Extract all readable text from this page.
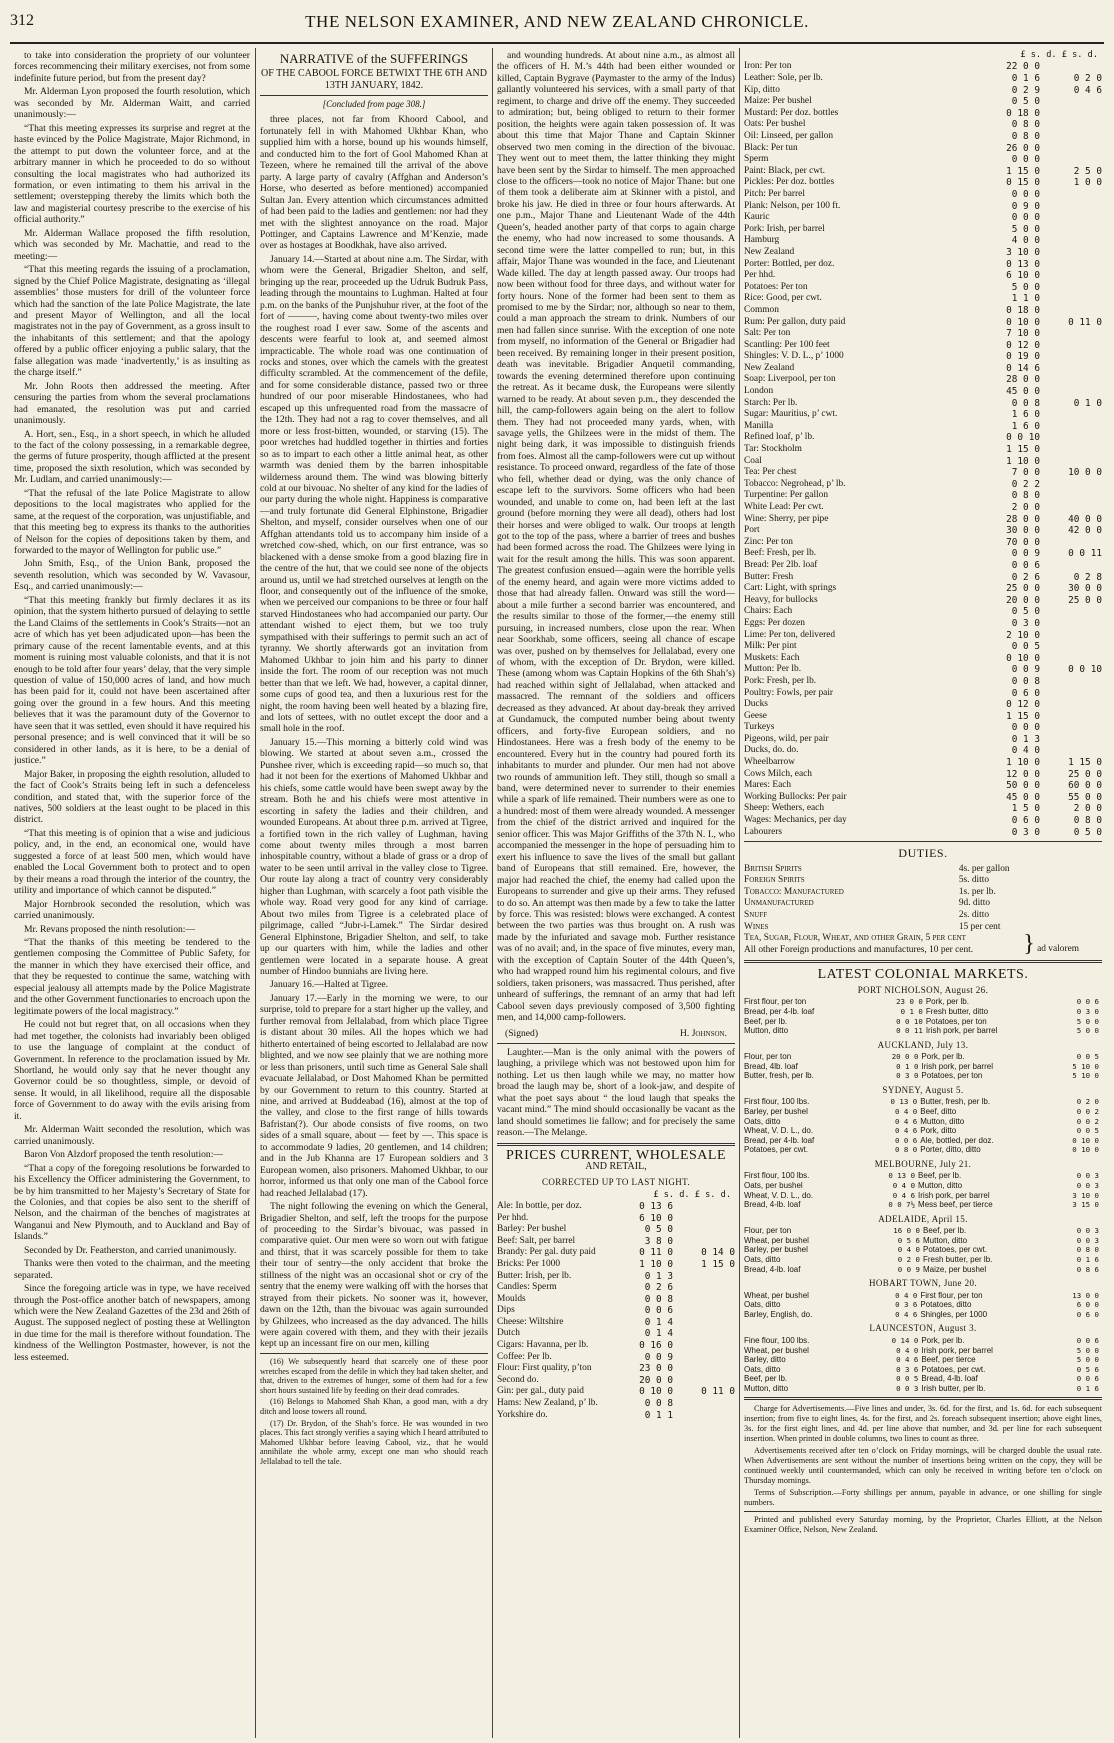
312	THE NELSON EXAMINER, AND NEW ZEALAND CHRONICLE.

to take into consideration the propriety of our volunteer forces recommencing their military exercises, not from some indefinite future period, but from the present day?

Mr. Alderman Lyon proposed the fourth resolution, which was seconded by Mr. Alderman Waitt, and carried unanimously:—

“That this meeting expresses its surprise and regret at the haste evinced by the Police Magistrate, Major Richmond, in the attempt to put down the volunteer force, and at the arbitrary manner in which he proceeded to do so without consulting the local magistrates who had authorized its formation, or even intimating to them his arrival in the settlement; overstepping thereby the limits which both the law and magisterial courtesy prescribe to the exercise of his official authority.”

Mr. Alderman Wallace proposed the fifth resolution, which was seconded by Mr. Machattie, and read to the meeting:—

“That this meeting regards the issuing of a proclamation, signed by the Chief Police Magistrate, designating as ‘illegal assemblies’ those musters for drill of the volunteer force which had the sanction of the late Police Magistrate, the late and present Mayor of Wellington, and all the local magistrates not in the pay of Government, as a gross insult to the inhabitants of this settlement; and that the apology offered by a public officer enjoying a public salary, that the false allegation was made ‘inadvertently,’ is as insulting as the charge itself.”

Mr. John Roots then addressed the meeting. After censuring the parties from whom the several proclamations had emanated, the resolution was put and carried unanimously.

A. Hort, sen., Esq., in a short speech, in which he alluded to the fact of the colony possessing, in a remarkable degree, the germs of future prosperity, though afflicted at the present time, proposed the sixth resolution, which was seconded by Mr. Ludlam, and carried unanimously:—

“That the refusal of the late Police Magistrate to allow depositions to the local magistrates who applied for the same, at the request of the corporation, was unjustifiable, and that this meeting beg to express its thanks to the authorities of Nelson for the copies of depositions taken by them, and forwarded to the mayor of Wellington for public use.”

John Smith, Esq., of the Union Bank, proposed the seventh resolution, which was seconded by W. Vavasour, Esq., and carried unanimously:—

“That this meeting frankly but firmly declares it as its opinion, that the system hitherto pursued of delaying to settle the Land Claims of the settlements in Cook’s Straits—not an acre of which has yet been adjudicated upon—has been the primary cause of the recent lamentable events, and at this moment is ruining most valuable colonists, and that it is not enough to be told after four years’ delay, that the very simple question of value of 150,000 acres of land, and how much has been paid for it, could not have been ascertained after going over the ground in a few hours. And this meeting believes that it was the paramount duty of the Governor to have seen that it was settled, even should it have required his personal presence; and is well convinced that it will be so considered in other lands, as it is here, to be a denial of justice.”

Major Baker, in proposing the eighth resolution, alluded to the fact of Cook’s Straits being left in such a defenceless condition, and stated that, with the superior force of the natives, 500 soldiers at the least ought to be placed in this district.

“That this meeting is of opinion that a wise and judicious policy, and, in the end, an economical one, would have suggested a force of at least 500 men, which would have enabled the Local Government both to protect and to open by their means a road through the interior of the country, the utility and importance of which cannot be disputed.”

Major Hornbrook seconded the resolution, which was carried unanimously.

Mr. Revans proposed the ninth resolution:—

“That the thanks of this meeting be tendered to the gentlemen composing the Committee of Public Safety, for the manner in which they have exercised their office, and that they be requested to continue the same, watching with especial jealousy all attempts made by the Police Magistrate and the other Government functionaries to encroach upon the legitimate powers of the local magistracy.”

He could not but regret that, on all occasions when they had met together, the colonists had invariably been obliged to use the language of complaint at the conduct of Government. In reference to the proclamation issued by Mr. Shortland, he would only say that he never thought any Governor could be so thoughtless, simple, or devoid of sense. It would, in all likelihood, require all the disposable force of Government to do away with the evils arising from it.

Mr. Alderman Waitt seconded the resolution, which was carried unanimously.

Baron Von Alzdorf proposed the tenth resolution:—

“That a copy of the foregoing resolutions be forwarded to his Excellency the Officer administering the Government, to be by him transmitted to her Majesty’s Secretary of State for the Colonies, and that copies be also sent to the sheriff of Nelson, and the chairman of the benches of magistrates at Wanganui and New Plymouth, and to Auckland and Bay of Islands.”

Seconded by Dr. Featherston, and carried unanimously.

Thanks were then voted to the chairman, and the meeting separated.

Since the foregoing article was in type, we have received through the Post-office another batch of newspapers, among which were the New Zealand Gazettes of the 23d and 26th of August. The supposed neglect of posting these at Wellington in due time for the mail is therefore without foundation. The kindness of the Wellington Postmaster, however, is not the less esteemed.

NARRATIVE of the SUFFERINGS
OF THE CABOOL FORCE BETWIXT THE 6TH AND 13TH JANUARY, 1842.
[Concluded from page 308.]

three places, not far from Khoord Cabool, and fortunately fell in with Mahomed Ukhbar Khan, who supplied him with a horse, bound up his wounds himself, and conducted him to the fort of Gool Mahomed Khan at Tezeen, where he remained till the arrival of the above party. A large party of cavalry (Affghan and Anderson’s Horse, who deserted as before mentioned) accompanied Sultan Jan. Every attention which circumstances admitted of had been paid to the ladies and gentlemen: nor had they met with the slightest annoyance on the road. Major Pottinger, and Captains Lawrence and M’Kenzie, made over as hostages at Boodkhak, have also arrived.

January 14.—Started at about nine a.m. The Sirdar, with whom were the General, Brigadier Shelton, and self, bringing up the rear, proceeded up the Udruk Budruk Pass, leading through the mountains to Lughman. Halted at four p.m. on the banks of the Punjshuhur river, at the foot of the fort of ———, having come about twenty-two miles over the roughest road I ever saw. Some of the ascents and descents were fearful to look at, and seemed almost impracticable. The whole road was one continuation of rocks and stones, over which the camels with the greatest difficulty scrambled. At the commencement of the defile, and for some considerable distance, passed two or three hundred of our poor miserable Hindostanees, who had escaped up this unfrequented road from the massacre of the 12th. They had not a rag to cover themselves, and all more or less frost-bitten, wounded, or starving (15). The poor wretches had huddled together in thirties and forties so as to impart to each other a little animal heat, as other warmth was denied them by the barren inhospitable wilderness around them. The wind was blowing bitterly cold at our bivouac. No shelter of any kind for the ladies of our party during the whole night. Happiness is comparative—and truly fortunate did General Elphinstone, Brigadier Shelton, and myself, consider ourselves when one of our Affghan attendants told us to accompany him inside of a wretched cow-shed, which, on our first entrance, was so blackened with a dense smoke from a good blazing fire in the centre of the hut, that we could see none of the objects around us, until we had stretched ourselves at length on the floor, and consequently out of the influence of the smoke, when we perceived our companions to be three or four half starved Hindostanees who had accompanied our party. Our attendant wished to eject them, but we too truly sympathised with their sufferings to permit such an act of tyranny. We shortly afterwards got an invitation from Mahomed Ukhbar to join him and his party to dinner inside the fort. The room of our reception was not much better than that we left. We had, however, a capital dinner, some cups of good tea, and then a luxurious rest for the night, the room having been well heated by a blazing fire, and lots of settees, with no outlet except the door and a small hole in the roof.

January 15.—This morning a bitterly cold wind was blowing. We started at about seven a.m., crossed the Punshee river, which is exceeding rapid—so much so, that had it not been for the exertions of Mahomed Ukhbar and his chiefs, some cattle would have been swept away by the stream. Both he and his chiefs were most attentive in escorting in safety the ladies and their children, and wounded Europeans. At about three p.m. arrived at Tigree, a fortified town in the rich valley of Lughman, having come about twenty miles through a most barren inhospitable country, without a blade of grass or a drop of water to be seen until arrival in the valley close to Tigree. Our route lay along a tract of country very considerably higher than Lughman, with scarcely a foot path visible the whole way. Road very good for any kind of carriage. About two miles from Tigree is a celebrated place of pilgrimage, called “Jubr-i-Lamek.” The Sirdar desired General Elphinstone, Brigadier Shelton, and self, to take up our quarters with him, while the ladies and other gentlemen were located in a separate house. A great number of Hindoo bunniahs are living here.

January 16.—Halted at Tigree.

January 17.—Early in the morning we were, to our surprise, told to prepare for a start higher up the valley, and further removal from Jellalabad, from which place Tigree is distant about 30 miles. All the hopes which we had hitherto entertained of being escorted to Jellalabad are now blighted, and we now see plainly that we are nothing more or less than prisoners, until such time as General Sale shall evacuate Jellalabad, or Dost Mahomed Khan be permitted by our Government to return to this country. Started at nine, and arrived at Buddeabad (16), almost at the top of the valley, and close to the first range of hills towards Bafristan(?). Our abode consists of five rooms, on two sides of a small square, about — feet by —. This space is to accommodate 9 ladies, 20 gentlemen, and 14 children; and in the Jub Khanna are 17 European soldiers and 3 European women, also prisoners. Mahomed Ukhbar, to our horror, informed us that only one man of the Cabool force had reached Jellalabad (17).

The night following the evening on which the General, Brigadier Shelton, and self, left the troops for the purpose of proceeding to the Sirdar’s bivouac, was passed in comparative quiet. Our men were so worn out with fatigue and thirst, that it was scarcely possible for them to take their tour of sentry—the only accident that broke the stillness of the night was an occasional shot or cry of the sentry that the enemy were walking off with the horses that strayed from their pickets. No sooner was it, however, dawn on the 12th, than the bivouac was again surrounded by Ghilzees, who increased as the day advanced. The hills were again covered with them, and they with their jezails kept up an incessant fire on our men, killing

(16) We subsequently heard that scarcely one of these poor wretches escaped from the defile in which they had taken shelter, and that, driven to the extremes of hunger, some of them had for a few short hours sustained life by feeding on their dead comrades.

(16) Belongs to Mahomed Shah Khan, a good man, with a dry ditch and loose towers all round.

(17) Dr. Brydon, of the Shah’s force. He was wounded in two places. This fact strongly verifies a saying which I heard attributed to Mahomed Ukhbar before leaving Cabool, viz., that he would annihilate the whole army, except one man who should reach Jellalabad to tell the tale.

and wounding hundreds. At about nine a.m., as almost all the officers of H. M.’s 44th had been either wounded or killed, Captain Bygrave (Paymaster to the army of the Indus) gallantly volunteered his services, with a small party of that regiment, to charge and drive off the enemy. They succeeded to admiration; but, being obliged to return to their former position, the heights were again taken possession of. It was about this time that Major Thane and Captain Skinner observed two men coming in the direction of the bivouac. They went out to meet them, the latter thinking they might have been sent by the Sirdar to himself. The men approached close to the officers—took no notice of Major Thane: but one of them took a deliberate aim at Skinner with a pistol, and broke his jaw. He died in three or four hours afterwards. At one p.m., Major Thane and Lieutenant Wade of the 44th Queen’s, headed another party of that corps to again charge the enemy, who had now increased to some thousands. A second time were the latter compelled to run; but, in this affair, Major Thane was wounded in the face, and Lieutenant Wade killed. The day at length passed away. Our troops had now been without food for three days, and without water for forty hours. None of the former had been sent to them as promised to me by the Sirdar; nor, although so near to them, could a man approach the stream to drink. Numbers of our men had fallen since sunrise. With the exception of one note from myself, no information of the General or Brigadier had been received. By remaining longer in their present position, death was inevitable. Brigadier Anquetil commanding, towards the evening determined therefore upon continuing the retreat. As it became dusk, the Europeans were silently warned to be ready. At about seven p.m., they descended the hill, the camp-followers again being on the alert to follow them. They had not proceeded many yards, when, with savage yells, the Ghilzees were in the midst of them. The night being dark, it was impossible to distinguish friends from foes. Almost all the camp-followers were cut up without resistance. To proceed onward, regardless of the fate of those who fell, whether dead or dying, was the only chance of escape left to the survivors. Some officers who had been wounded, and unable to come on, had been left at the last ground (before morning they were all dead), others had lost their horses and were obliged to walk. Our troops at length got to the top of the pass, where a barrier of trees and bushes had been formed across the road. The Ghilzees were lying in wait for the result among the hills. This was soon apparent. The greatest confusion ensued—again were the horrible yells of the enemy heard, and again were more victims added to those that had already fallen. Onward was still the word—about a mile further a second barrier was encountered, and the results similar to those of the former,—the enemy still pursuing, in increased numbers, close upon the rear. When near Soorkhab, some officers, seeing all chance of escape was over, pushed on by themselves for Jellalabad, every one of whom, with the exception of Dr. Brydon, were killed. These (among whom was Captain Hopkins of the 6th Shah’s) had reached within sight of Jellalabad, when attacked and massacred. The remnant of the soldiers and officers decreased as they advanced. At about day-break they arrived at Gundamuck, the computed number being about twenty officers, and forty-five European soldiers, and no Hindostanees. Here was a fresh body of the enemy to be encountered. Every hut in the country had poured forth its inhabitants to murder and plunder. Our men had not above two rounds of ammunition left. They still, though so small a band, were determined never to surrender to their enemies while a spark of life remained. Their numbers were as one to a hundred: most of them were already wounded. A messenger from the chief of the district arrived and inquired for the senior officer. This was Major Griffiths of the 37th N. I., who accompanied the messenger in the hope of persuading him to exert his influence to save the lives of the small but gallant band of Europeans that still remained. Ere, however, the major had reached the chief, the enemy had called upon the Europeans to surrender and give up their arms. They refused to do so. An attempt was then made by a few to take the latter by force. This was resisted: blows were exchanged. A contest between the two parties was thus brought on. A rush was made by the infuriated and savage mob. Further resistance was of no avail; and, in the space of five minutes, every man, with the exception of Captain Souter of the 44th Queen’s, who had wrapped round him his regimental colours, and five soldiers, taken prisoners, was massacred. Thus perished, after unheard of sufferings, the remnant of an army that had left Cabool seven days previously composed of 3,500 fighting men, and 14,000 camp-followers.

(Signed)	H. Johnson.

Laughter.—Man is the only animal with the powers of laughing, a privilege which was not bestowed upon him for nothing. Let us then laugh while we may, no matter how broad the laugh may be, short of a look-jaw, and despite of what the poet says about “ the loud laugh that speaks the vacant mind.” The mind should occasionally be vacant as the land should sometimes lie fallow; and for precisely the same reason.—The Melange.

PRICES CURRENT, WHOLESALE
AND RETAIL,
CORRECTED UP TO LAST NIGHT.
£ s. d. £ s. d.
Ale: In bottle, per doz.	0 13 6	
Per hhd.	6 10 0	
Barley: Per bushel	0 5 0	
Beef: Salt, per barrel	3 8 0	
Brandy: Per gal. duty paid	0 11 0	0 14 0
Bricks: Per 1000	1 10 0	1 15 0
Butter: Irish, per lb.	0 1 3	
Candles: Sperm	0 2 6	
Moulds	0 0 8	
Dips	0 0 6	
Cheese: Wiltshire	0 1 4	
Dutch	0 1 4	
Cigars: Havanna, per lb.	0 16 0	
Coffee: Per lb.	0 0 9	
Flour: First quality, p’ton	23 0 0	
Second do.	20 0 0	
Gin: per gal., duty paid	0 10 0	0 11 0
Hams: New Zealand, p’ lb.	0 0 8	
Yorkshire do.	0 1 1	
£ s. d. £ s. d.
Iron: Per ton	22 0 0	
Leather: Sole, per lb.	0 1 6	0 2 0
Kip, ditto	0 2 9	0 4 6
Maize: Per bushel	0 5 0	
Mustard: Per doz. bottles	0 18 0	
Oats: Per bushel	0 8 0	
Oil: Linseed, per gallon	0 8 0	
Black: Per tun	26 0 0	
Sperm	0 0 0	
Paint: Black, per cwt.	1 15 0	2 5 0
Pickles: Per doz. bottles	0 15 0	1 0 0
Pitch: Per barrel	0 0 0	
Plank: Nelson, per 100 ft.	0 9 0	
Kauric	0 0 0	
Pork: Irish, per barrel	5 0 0	
Hamburg	4 0 0	
New Zealand	3 10 0	
Porter: Bottled, per doz.	0 13 0	
Per hhd.	6 10 0	
Potatoes: Per ton	5 0 0	
Rice: Good, per cwt.	1 1 0	
Common	0 18 0	
Rum: Per gallon, duty paid	0 10 0	0 11 0
Salt: Per ton	7 10 0	
Scantling: Per 100 feet	0 12 0	
Shingles: V. D. L., p’ 1000	0 19 0	
New Zealand	0 14 6	
Soap: Liverpool, per ton	28 0 0	
London	45 0 0	
Starch: Per lb.	0 0 8	0 1 0
Sugar: Mauritius, p’ cwt.	1 6 0	
Manilla	1 6 0	
Refined loaf, p’ lb.	0 0 10	
Tar: Stockholm	1 15 0	
Coal	1 10 0	
Tea: Per chest	7 0 0	10 0 0
Tobacco: Negrohead, p’ lb.	0 2 2	
Turpentine: Per gallon	0 8 0	
White Lead: Per cwt.	2 0 0	
Wine: Sherry, per pipe	28 0 0	40 0 0
Port	30 0 0	42 0 0
Zinc: Per ton	70 0 0	

Beef: Fresh, per lb.	0 0 9	0 0 11
Bread: Per 2lb. loaf	0 0 6	
Butter: Fresh	0 2 6	0 2 8
Cart: Light, with springs	25 0 0	30 0 0
Heavy, for bullocks	20 0 0	25 0 0
Chairs: Each	0 5 0	
Eggs: Per dozen	0 3 0	
Lime: Per ton, delivered	2 10 0	
Milk: Per pint	0 0 5	
Muskets: Each	0 10 0	
Mutton: Per lb.	0 0 9	0 0 10
Pork: Fresh, per lb.	0 0 8	
Poultry: Fowls, per pair	0 6 0	
Ducks	0 12 0	
Geese	1 15 0	
Turkeys	0 0 0	
Pigeons, wild, per pair	0 1 3	
Ducks, do. do.	0 4 0	
Wheelbarrow	1 10 0	1 15 0

Cows Milch, each	12 0 0	25 0 0
Mares: Each	50 0 0	60 0 0
Working Bullocks: Per pair	45 0 0	55 0 0
Sheep: Wethers, each	1 5 0	2 0 0

Wages: Mechanics, per day	0 6 0	0 8 0
Labourers	0 3 0	0 5 0
DUTIES.
British Spirits	4s. per gallon
Foreign Spirits	5s. ditto
Tobacco: Manufactured	1s. per lb.
Unmanufactured	9d. ditto
Snuff	2s. ditto
Wines	15 per cent
Tea, Sugar, Flour, Wheat, and other Grain, 5 per cent
All other Foreign productions and manufactures, 10 per cent.	} ad valorem
LATEST COLONIAL MARKETS.
PORT NICHOLSON, August 26.
First flour, per ton	23 0 0	Pork, per lb.	0 0 6
Bread, per 4-lb. loaf	0 1 0	Fresh butter, ditto	0 3 0
Beef, per lb.	0 0 10	Potatoes, per ton	5 0 0
Mutton, ditto	0 0 11	Irish pork, per barrel	5 0 0
AUCKLAND, July 13.
Flour, per ton	20 0 0	Pork, per lb.	0 0 5
Bread, 4lb. loaf	0 1 0	Irish pork, per barrel	5 10 0
Butter, fresh, per lb.	0 3 0	Potatoes, per ton	5 10 0
SYDNEY, August 5.
First flour, 100 lbs.	0 13 0	Butter, fresh, per lb.	0 2 0
Barley, per bushel	0 4 0	Beef, ditto	0 0 2
Oats, ditto	0 4 6	Mutton, ditto	0 0 2
Wheat, V. D. L., do.	0 4 6	Pork, ditto	0 0 5
Bread, per 4-lb. loaf	0 0 6	Ale, bottled, per doz.	0 10 0
Potatoes, per cwt.	0 8 0	Porter, ditto, ditto	0 10 0
MELBOURNE, July 21.
First flour, 100 lbs.	0 13 0	Beef, per lb.	0 0 3
Oats, per bushel	0 4 0	Mutton, ditto	0 0 3
Wheat, V. D. L., do.	0 4 6	Irish pork, per barrel	3 10 0
Bread, 4-lb. loaf	0 0 7½	Mess beef, per tierce	3 15 0
ADELAIDE, April 15.
Flour, per ton	16 0 0	Beef, per lb.	0 0 3
Wheat, per bushel	0 5 6	Mutton, ditto	0 0 3
Barley, per bushel	0 4 0	Potatoes, per cwt.	0 8 0
Oats, ditto	0 2 0	Fresh butter, per lb.	0 1 6
Bread, 4-lb. loaf	0 0 9	Maize, per bushel	0 8 6
HOBART TOWN, June 20.
Wheat, per bushel	0 4 0	First flour, per ton	13 0 0
Oats, ditto	0 3 6	Potatoes, ditto	6 0 0
Barley, English, do.	0 4 6	Shingles, per 1000	0 6 0
LAUNCESTON, August 3.
Fine flour, 100 lbs.	0 14 0	Pork, per lb.	0 0 6
Wheat, per bushel	0 4 0	Irish pork, per barrel	5 0 0
Barley, ditto	0 4 6	Beef, per tierce	5 0 0
Oats, ditto	0 3 6	Potatoes, per cwt.	0 5 6
Beef, per lb.	0 0 5	Bread, 4-lb. loaf	0 0 6
Mutton, ditto	0 0 3	Irish butter, per lb.	0 1 6

Charge for Advertisements.—Five lines and under, 3s. 6d. for the first, and 1s. 6d. for each subsequent insertion; from five to eight lines, 4s. for the first, and 2s. foreach subsequent insertion; above eight lines, 3s. for the first eight lines, and 4d. per line above that number, and 3d. per line for each subsequent insertion. When printed in double columns, two lines to count as three.

Advertisements received after ten o’clock on Friday mornings, will be charged double the usual rate. When Advertisements are sent without the number of insertions being written on the copy, they will be continued weekly until countermanded, which can only be received in writing before ten o’clock on Thursday mornings.

Terms of Subscription.—Forty shillings per annum, payable in advance, or one shilling for single numbers.

Printed and published every Saturday morning, by the Proprietor, Charles Elliott, at the Nelson Examiner Office, Nelson, New Zealand.
